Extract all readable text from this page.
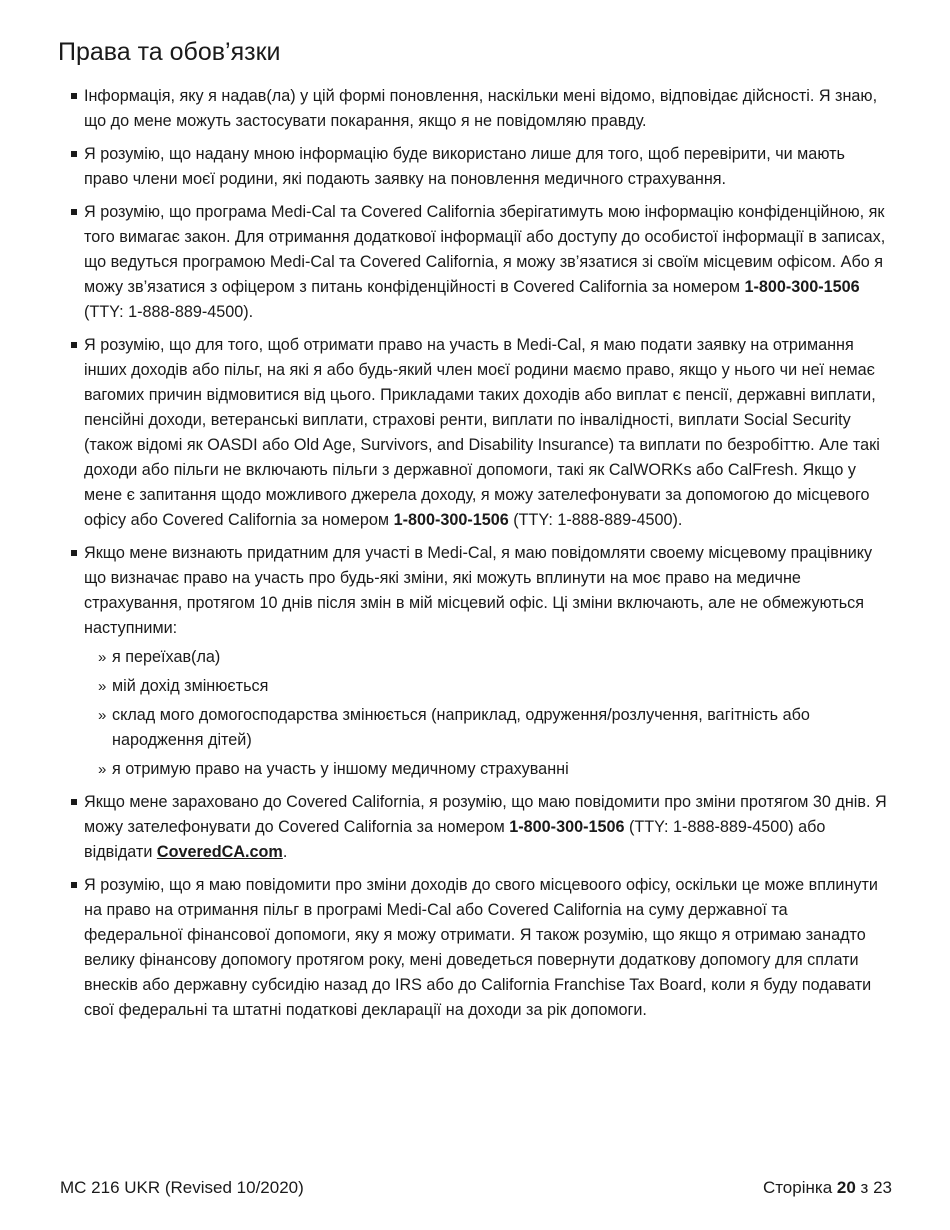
Права та обов’язки
Інформація, яку я надав(ла) у цій формі поновлення, наскільки мені відомо, відповідає дійсності. Я знаю, що до мене можуть застосувати покарання, якщо я не повідомляю правду.
Я розумію, що надану мною інформацію буде використано лише для того, щоб перевірити, чи мають право члени моєї родини, які подають заявку на поновлення медичного страхування.
Я розумію, що програма Medi-Cal та Covered California зберігатимуть мою інформацію конфіденційною, як того вимагає закон. Для отримання додаткової інформації або доступу до особистої інформації в записах, що ведуться програмою Medi-Cal та Covered California, я можу зв’язатися зі своїм місцевим офісом. Або я можу зв’язатися з офіцером з питань конфіденційності в Covered California за номером 1-800-300-1506 (TTY: 1-888-889-4500).
Я розумію, що для того, щоб отримати право на участь в Medi-Cal, я маю подати заявку на отримання інших доходів або пільг, на які я або будь-який член моєї родини маємо право, якщо у нього чи неї немає вагомих причин відмовитися від цього. Прикладами таких доходів або виплат є пенсії, державні виплати, пенсійні доходи, ветеранські виплати, страхові ренти, виплати по інвалідності, виплати Social Security (також відомі як OASDI або Old Age, Survivors, and Disability Insurance) та виплати по безробіттю. Але такі доходи або пільги не включають пільги з державної допомоги, такі як CalWORKs або CalFresh. Якщо у мене є запитання щодо можливого джерела доходу, я можу зателефонувати за допомогою до місцевого офісу або Covered California за номером 1-800-300-1506 (TTY: 1-888-889-4500).
Якщо мене визнають придатним для участі в Medi-Cal, я маю повідомляти своему місцевому працівнику що визначає право на участь про будь-які зміни, які можуть вплинути на моє право на медичне страхування, протягом 10 днів після змін в мій місцевий офіс. Ці зміни включають, але не обмежуються наступними:
» я переїхав(ла)
» мій дохід змінюється
» склад мого домогосподарства змінюється (наприклад, одруження/розлучення, вагітність або народження дітей)
» я отримую право на участь у іншому медичному страхуванні
Якщо мене зараховано до Covered California, я розумію, що маю повідомити про зміни протягом 30 днів. Я можу зателефонувати до Covered California за номером 1-800-300-1506 (TTY: 1-888-889-4500) або відвідати CoveredCA.com.
Я розумію, що я маю повідомити про зміни доходів до свого місцевоого офісу, оскільки це може вплинути на право на отримання пільг в програмі Medi-Cal або Covered California на суму державної та федеральної фінансової допомоги, яку я можу отримати. Я також розумію, що якщо я отримаю занадто велику фінансову допомогу протягом року, мені доведеться повернути додаткову допомогу для сплати внесків або державну субсидію назад до IRS або до California Franchise Tax Board, коли я буду подавати свої федеральні та штатні податкові декларації на доходи за рік допомоги.
MC 216 UKR (Revised 10/2020)	Сторінка 20 з 23
